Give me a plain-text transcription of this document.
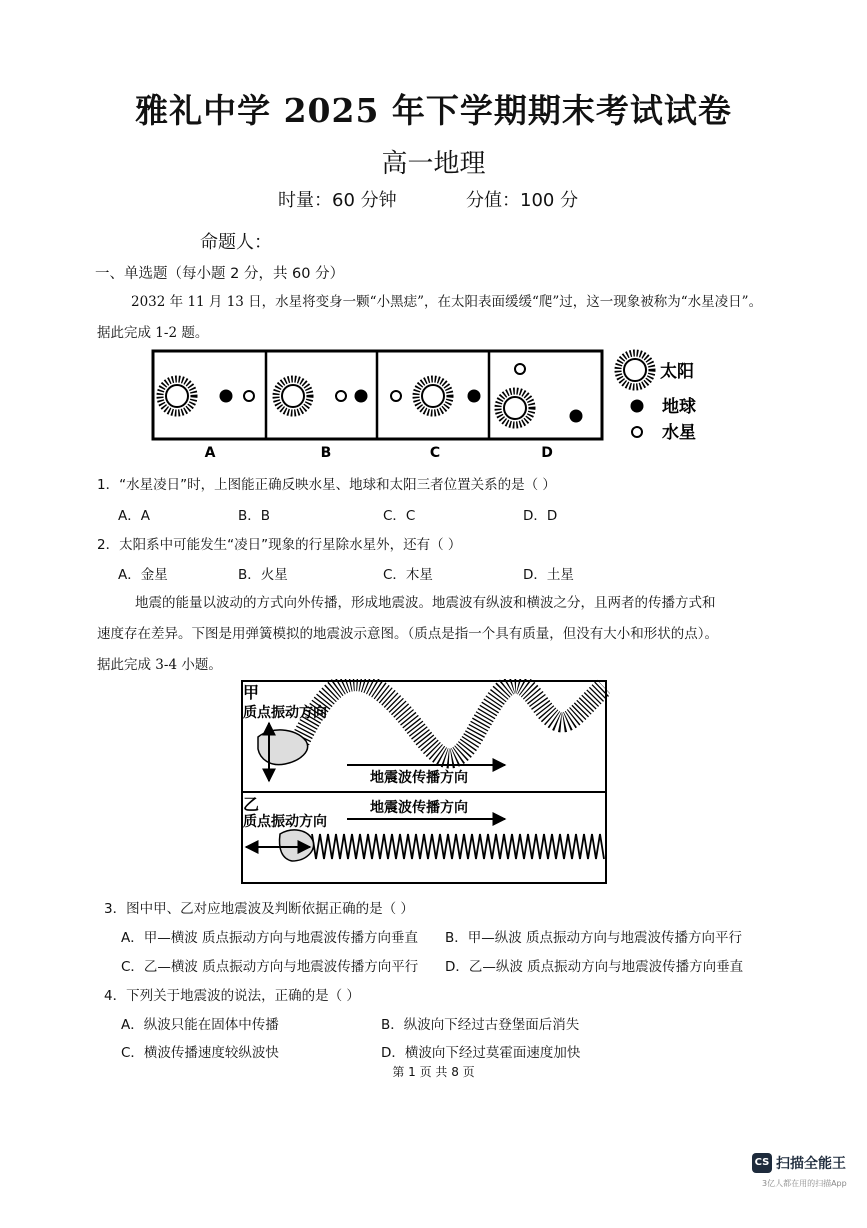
雅礼中学 2025 年下学期期末考试试卷
高一地理
时量：60 分钟	分值：100 分
命题人：
一、单选题（每小题 2 分，共 60 分）
2032 年 11 月 13 日，水星将变身一颗“小黑痣”，在太阳表面缓缓“爬”过，这一现象被称为“水星凌日”。
据此完成 1-2 题。
A	B	C	D
太阳
地球
水星
1．“水星凌日”时，上图能正确反映水星、地球和太阳三者位置关系的是（ ）
A．A	B．B	C．C	D．D
2．太阳系中可能发生“凌日”现象的行星除水星外，还有（ ）
A．金星	B．火星	C．木星	D．土星
地震的能量以波动的方式向外传播，形成地震波。地震波有纵波和横波之分，且两者的传播方式和
速度存在差异。下图是用弹簧模拟的地震波示意图。（质点是指一个具有质量，但没有大小和形状的点）。
据此完成 3-4 小题。
甲
质点振动方向
地震波传播方向
乙
质点振动方向
地震波传播方向
3．图中甲、乙对应地震波及判断依据正确的是（ ）
A．甲—横波 质点振动方向与地震波传播方向垂直 B．甲—纵波 质点振动方向与地震波传播方向平行
C．乙—横波 质点振动方向与地震波传播方向平行 D．乙—纵波 质点振动方向与地震波传播方向垂直
4．下列关于地震波的说法，正确的是（ ）
A．纵波只能在固体中传播	B．纵波向下经过古登堡面后消失
C．横波传播速度较纵波快	D．横波向下经过莫霍面速度加快
第 1 页 共 8 页
CS 扫描全能王
3亿人都在用的扫描App
